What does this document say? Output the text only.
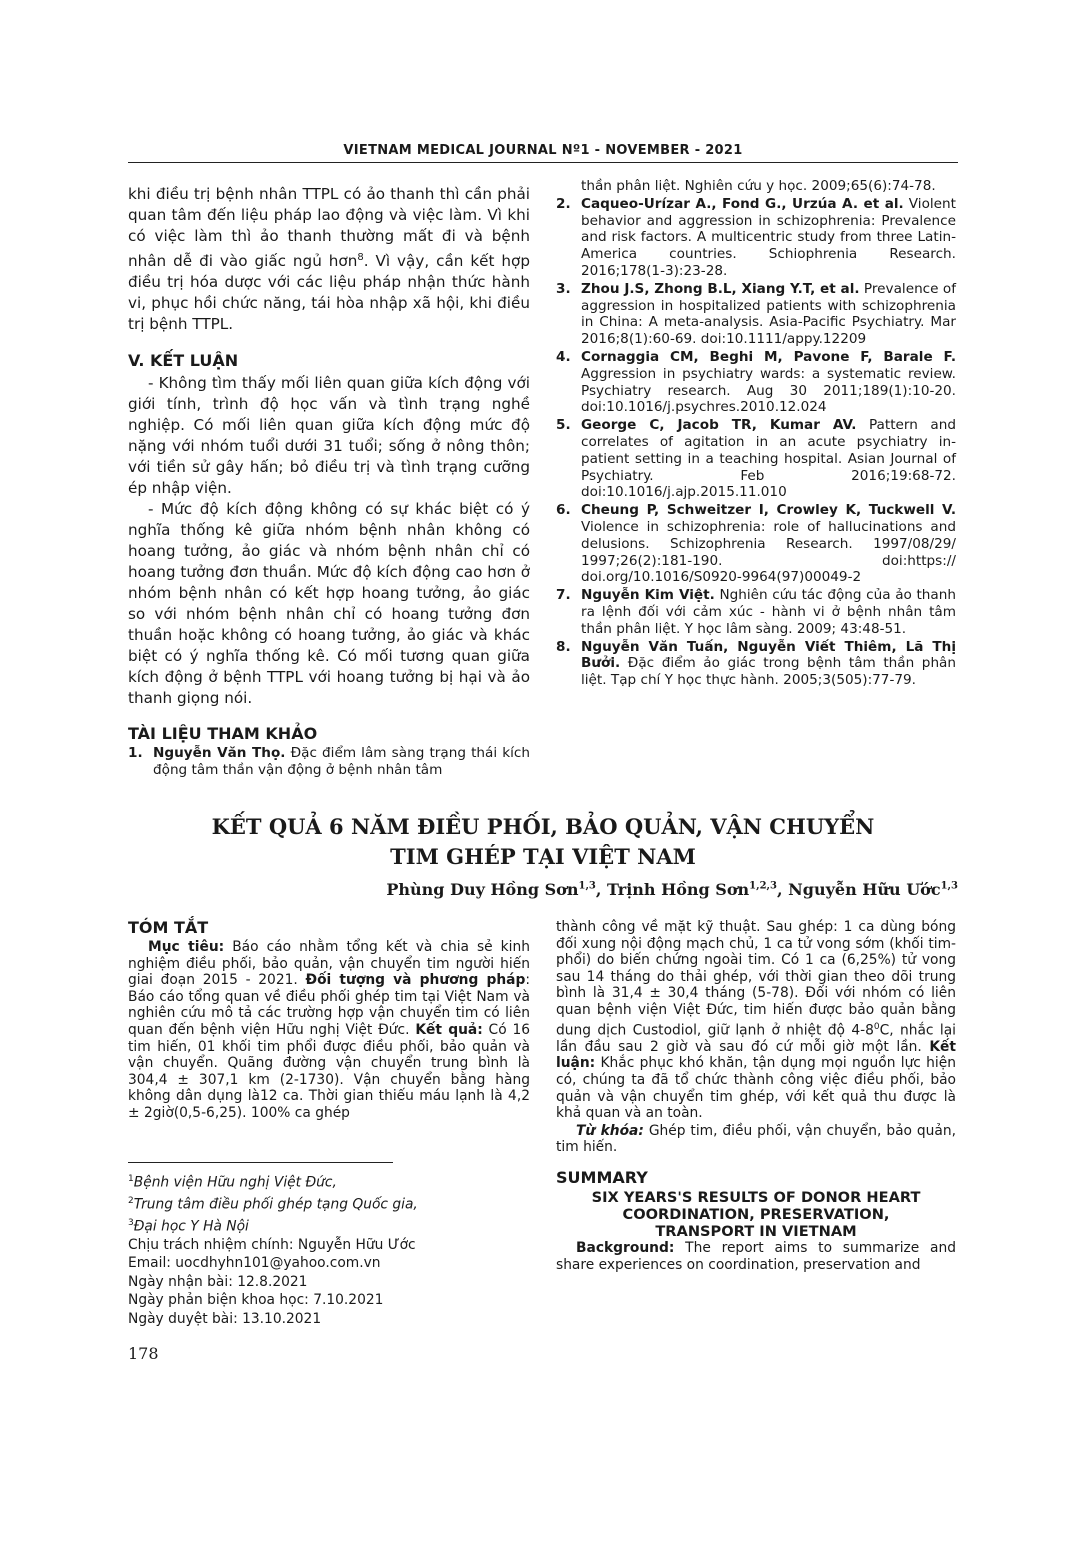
VIETNAM MEDICAL JOURNAL Nº1 - NOVEMBER - 2021

khi điều trị bệnh nhân TTPL có ảo thanh thì cần phải quan tâm đến liệu pháp lao động và việc làm. Vì khi có việc làm thì ảo thanh thường mất đi và bệnh nhân dễ đi vào giấc ngủ hơn$^8$. Vì vậy, cần kết hợp điều trị hóa dược với các liệu pháp nhận thức hành vi, phục hồi chức năng, tái hòa nhập xã hội, khi điều trị bệnh TTPL.

V. KẾT LUẬN

- Không tìm thấy mối liên quan giữa kích động với giới tính, trình độ học vấn và tình trạng nghề nghiệp. Có mối liên quan giữa kích động mức độ nặng với nhóm tuổi dưới 31 tuổi; sống ở nông thôn; với tiền sử gây hấn; bỏ điều trị và tình trạng cưỡng ép nhập viện.

- Mức độ kích động không có sự khác biệt có ý nghĩa thống kê giữa nhóm bệnh nhân không có hoang tưởng, ảo giác và nhóm bệnh nhân chỉ có hoang tưởng đơn thuần. Mức độ kích động cao hơn ở nhóm bệnh nhân có kết hợp hoang tưởng, ảo giác so với nhóm bệnh nhân chỉ có hoang tưởng đơn thuần hoặc không có hoang tưởng, ảo giác và khác biệt có ý nghĩa thống kê. Có mối tương quan giữa kích động ở bệnh TTPL với hoang tưởng bị hại và ảo thanh giọng nói.

TÀI LIỆU THAM KHẢO

1. Nguyễn Văn Thọ. Đặc điểm lâm sàng trạng thái kích động tâm thần vận động ở bệnh nhân tâm

thần phân liệt. Nghiên cứu y học. 2009;65(6):74-78.

2. Caqueo-Urízar A., Fond G., Urzúa A. et al. Violent behavior and aggression in schizophrenia: Prevalence and risk factors. A multicentric study from three Latin-America countries. Schiophrenia Research. 2016;178(1-3):23-28.

3. Zhou J.S, Zhong B.L, Xiang Y.T, et al. Prevalence of aggression in hospitalized patients with schizophrenia in China: A meta-analysis. Asia-Pacific Psychiatry. Mar 2016;8(1):60-69. doi:10.1111/appy.12209

4. Cornaggia CM, Beghi M, Pavone F, Barale F. Aggression in psychiatry wards: a systematic review. Psychiatry research. Aug 30 2011;189(1):10-20. doi:10.1016/j.psychres.2010.12.024

5. George C, Jacob TR, Kumar AV. Pattern and correlates of agitation in an acute psychiatry in-patient setting in a teaching hospital. Asian Journal of Psychiatry. Feb 2016;19:68-72. doi:10.1016/j.ajp.2015.11.010

6. Cheung P, Schweitzer I, Crowley K, Tuckwell V. Violence in schizophrenia: role of hallucinations and delusions. Schizophrenia Research. 1997/08/29/ 1997;26(2):181-190. doi:https:// doi.org/10.1016/S0920-9964(97)00049-2

7. Nguyễn Kim Việt. Nghiên cứu tác động của ảo thanh ra lệnh đối với cảm xúc - hành vi ở bệnh nhân tâm thần phân liệt. Y học lâm sàng. 2009; 43:48-51.

8. Nguyễn Văn Tuấn, Nguyễn Viết Thiêm, Lã Thị Bưởi. Đặc điểm ảo giác trong bệnh tâm thần phân liệt. Tạp chí Y học thực hành. 2005;3(505):77-79.

KẾT QUẢ 6 NĂM ĐIỀU PHỐI, BẢO QUẢN, VẬN CHUYỂN
TIM GHÉP TẠI VIỆT NAM
Phùng Duy Hồng Sơn$^{1,3}$, Trịnh Hồng Sơn$^{1,2,3}$, Nguyễn Hữu Ước$^{1,3}$
TÓM TẮT

Mục tiêu: Báo cáo nhằm tổng kết và chia sẻ kinh nghiệm điều phối, bảo quản, vận chuyển tim người hiến giai đoạn 2015 - 2021. Đối tượng và phương pháp: Báo cáo tổng quan về điều phối ghép tim tại Việt Nam và nghiên cứu mô tả các trường hợp vận chuyển tim có liên quan đến bệnh viện Hữu nghị Việt Đức. Kết quả: Có 16 tim hiến, 01 khối tim phổi được điều phối, bảo quản và vận chuyển. Quãng đường vận chuyển trung bình là 304,4 ± 307,1 km (2-1730). Vận chuyển bằng hàng không dân dụng là12 ca. Thời gian thiếu máu lạnh là 4,2 ± 2giờ(0,5-6,25). 100% ca ghép

$^1$Bệnh viện Hữu nghị Việt Đức,

$^2$Trung tâm điều phối ghép tạng Quốc gia,

$^3$Đại học Y Hà Nội

Chịu trách nhiệm chính: Nguyễn Hữu Ước

Email: uocdhyhn101@yahoo.com.vn

Ngày nhận bài: 12.8.2021

Ngày phản biện khoa học: 7.10.2021

Ngày duyệt bài: 13.10.2021

178

thành công về mặt kỹ thuật. Sau ghép: 1 ca dùng bóng đối xung nội động mạch chủ, 1 ca tử vong sớm (khối tim-phổi) do biến chứng ngoài tim. Có 1 ca (6,25%) tử vong sau 14 tháng do thải ghép, với thời gian theo dõi trung bình là 31,4 ± 30,4 tháng (5-78). Đối với nhóm có liên quan bệnh viện Việt Đức, tim hiến được bảo quản bằng dung dịch Custodiol, giữ lạnh ở nhiệt độ $4-8^0C$, nhắc lại lần đầu sau 2 giờ và sau đó cứ mỗi giờ một lần. Kết luận: Khắc phục khó khăn, tận dụng mọi nguồn lực hiện có, chúng ta đã tổ chức thành công việc điều phối, bảo quản và vận chuyển tim ghép, với kết quả thu được là khả quan và an toàn.

Từ khóa: Ghép tim, điều phối, vận chuyển, bảo quản, tim hiến.

SUMMARY

SIX YEARS'S RESULTS OF DONOR HEART

COORDINATION, PRESERVATION,

TRANSPORT IN VIETNAM

Background: The report aims to summarize and share experiences on coordination, preservation and
